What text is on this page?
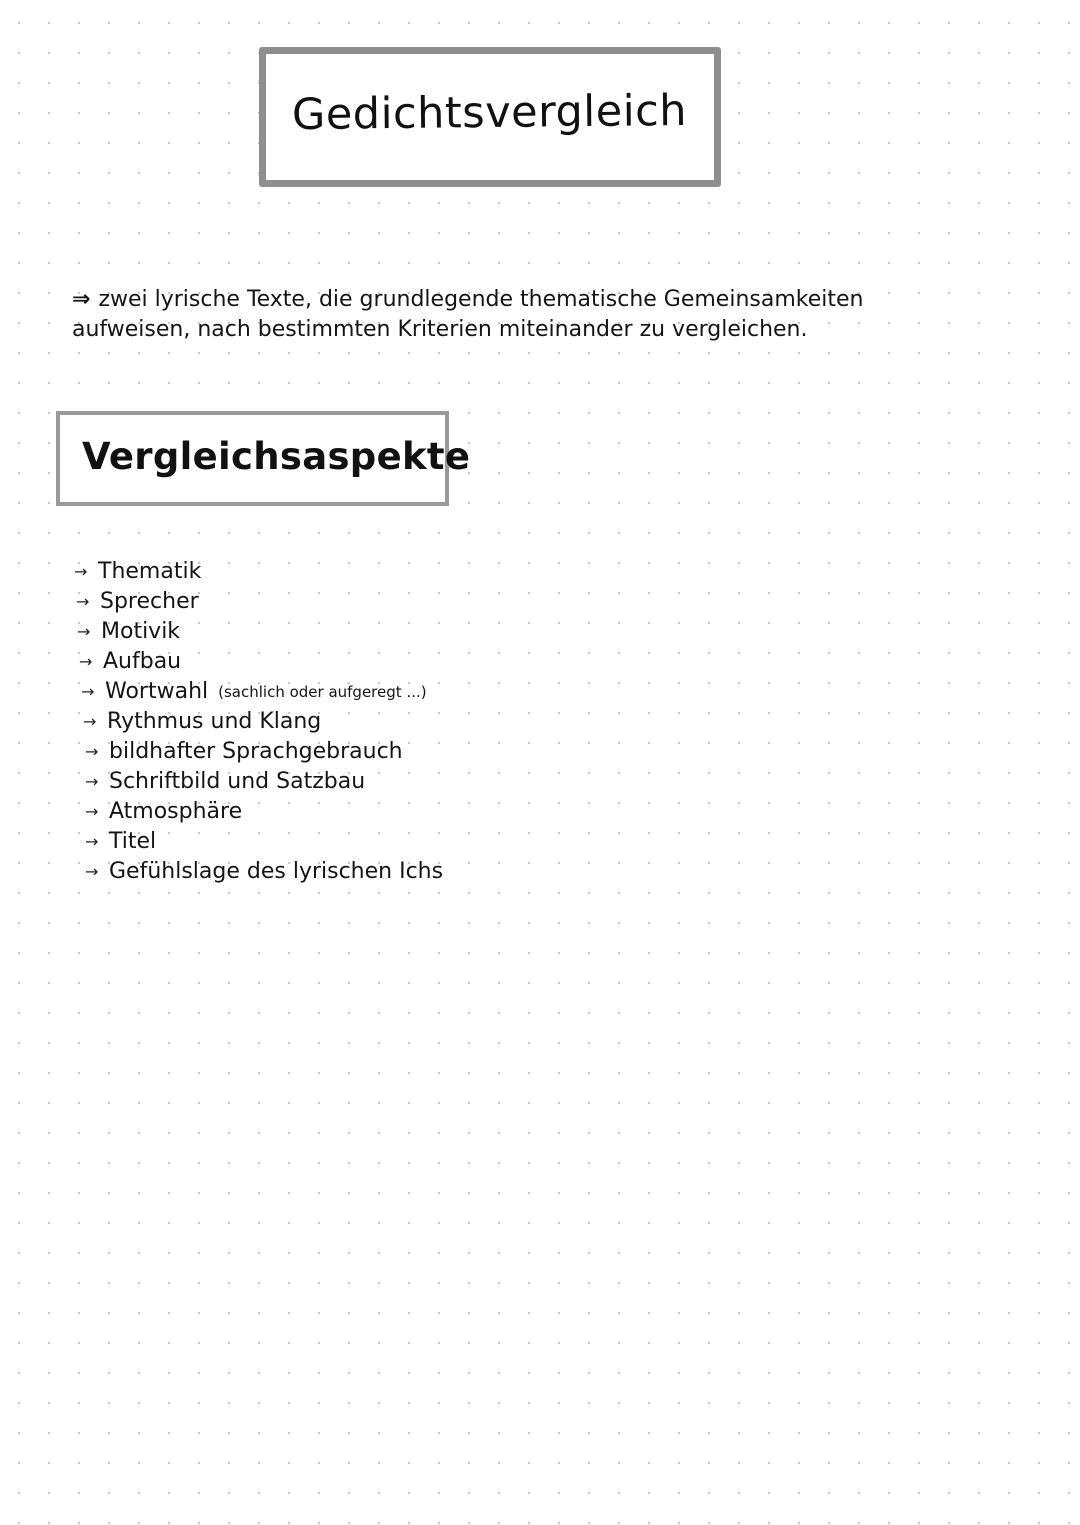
Gedichtsvergleich
⇒ zwei lyrische Texte, die grundlegende thematische Gemeinsamkeiten
aufweisen, nach bestimmten Kriterien miteinander zu vergleichen.
Vergleichsaspekte
→ Thematik
→ Sprecher
→ Motivik
→ Aufbau
→ Wortwahl (sachlich oder aufgeregt ...)
→ Rythmus und Klang
→ bildhafter Sprachgebrauch
→ Schriftbild und Satzbau
→ Atmosphäre
→ Titel
→ Gefühlslage des lyrischen Ichs
